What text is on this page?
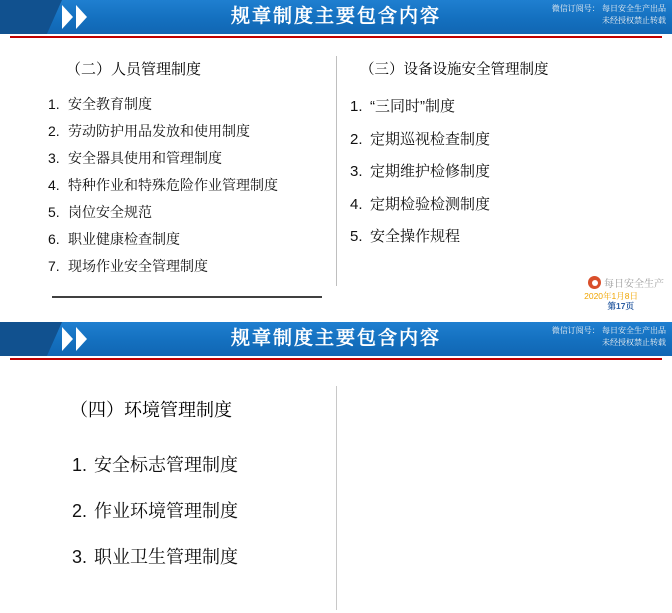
规章制度主要包含内容	微信订阅号： 每日安全生产出品
未经授权禁止转载
（二）人员管理制度
1. 安全教育制度
2. 劳动防护用品发放和使用制度
3. 安全器具使用和管理制度
4. 特种作业和特殊危险作业管理制度
5. 岗位安全规范
6. 职业健康检查制度
7. 现场作业安全管理制度
（三）设备设施安全管理制度
1. “三同时”制度
2. 定期巡视检查制度
3. 定期维护检修制度
4. 定期检验检测制度
5. 安全操作规程
每日安全生产
2020年1月8日
第17页
规章制度主要包含内容	微信订阅号： 每日安全生产出品
未经授权禁止转载
（四）环境管理制度
1. 安全标志管理制度
2. 作业环境管理制度
3. 职业卫生管理制度
